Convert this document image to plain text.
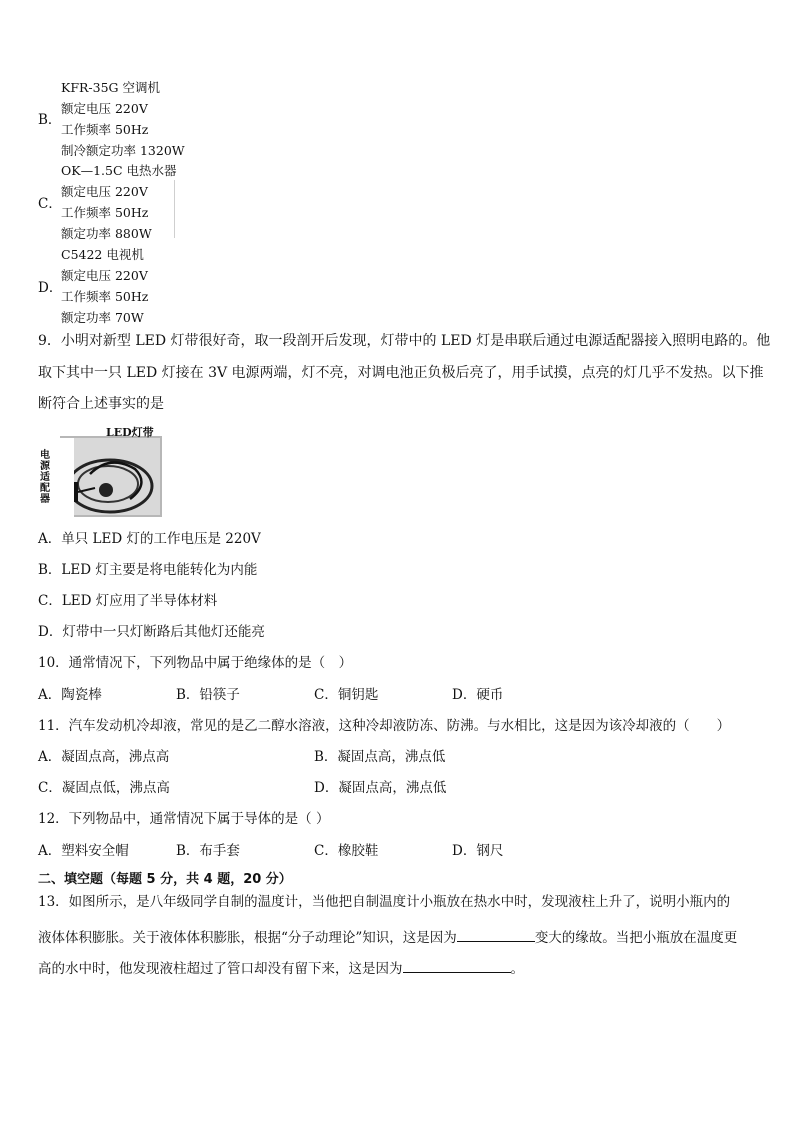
B．
KFR-35G 空调机
额定电压 220V
工作频率 50Hz
制冷额定功率 1320W
C．
OK—1.5C 电热水器
额定电压 220V
工作频率 50Hz
额定功率 880W
D．
C5422 电视机
额定电压 220V
工作频率 50Hz
额定功率 70W
9．小明对新型 LED 灯带很好奇，取一段剖开后发现，灯带中的 LED 灯是串联后通过电源适配器接入照明电路的。他
取下其中一只 LED 灯接在 3V 电源两端，灯不亮，对调电池正负极后亮了，用手试摸，点亮的灯几乎不发热。以下推
断符合上述事实的是
LED灯带
电源适配器
A．单只 LED 灯的工作电压是 220V
B．LED 灯主要是将电能转化为内能
C．LED 灯应用了半导体材料
D．灯带中一只灯断路后其他灯还能亮
10．通常情况下，下列物品中属于绝缘体的是（　）
A．陶瓷棒	B．铅筷子	C．铜钥匙	D．硬币
11．汽车发动机冷却液，常见的是乙二醇水溶液，这种冷却液防冻、防沸。与水相比，这是因为该冷却液的（　　）
A．凝固点高，沸点高	B．凝固点高，沸点低
C．凝固点低，沸点高	D．凝固点高，沸点低
12．下列物品中，通常情况下属于导体的是（ ）
A．塑料安全帽	B．布手套	C．橡胶鞋	D．钢尺
二、填空题（每题 5 分，共 4 题，20 分）
13．如图所示，是八年级同学自制的温度计，当他把自制温度计小瓶放在热水中时，发现液柱上升了，说明小瓶内的
液体体积膨胀。关于液体体积膨胀，根据“分子动理论”知识，这是因为	变大的缘故。当把小瓶放在温度更
高的水中时，他发现液柱超过了管口却没有留下来，这是因为	。
